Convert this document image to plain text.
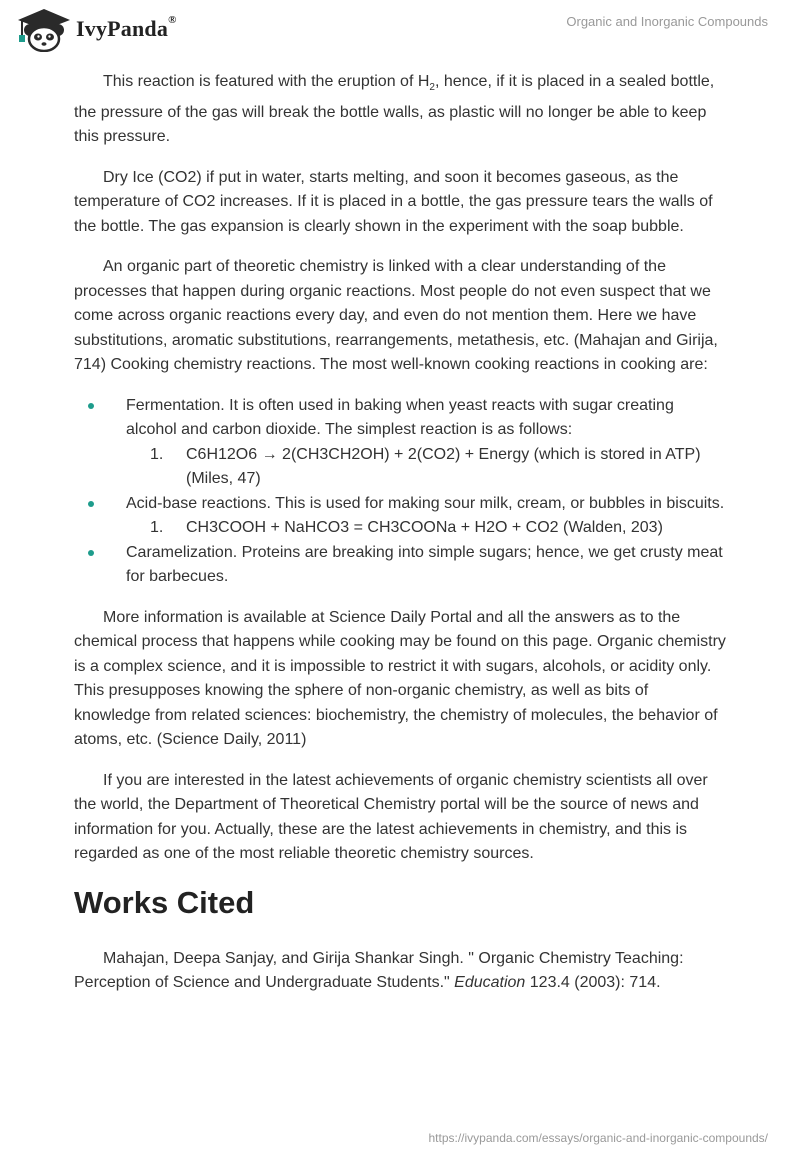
IvyPanda®	Organic and Inorganic Compounds

This reaction is featured with the eruption of $H_2$, hence, if it is placed in a sealed bottle, the pressure of the gas will break the bottle walls, as plastic will no longer be able to keep this pressure.

Dry Ice (CO2) if put in water, starts melting, and soon it becomes gaseous, as the temperature of CO2 increases. If it is placed in a bottle, the gas pressure tears the walls of the bottle. The gas expansion is clearly shown in the experiment with the soap bubble.

An organic part of theoretic chemistry is linked with a clear understanding of the processes that happen during organic reactions. Most people do not even suspect that we come across organic reactions every day, and even do not mention them. Here we have substitutions, aromatic substitutions, rearrangements, metathesis, etc. (Mahajan and Girija, 714) Cooking chemistry reactions. The most well-known cooking reactions in cooking are:

Fermentation. It is often used in baking when yeast reacts with sugar creating alcohol and carbon dioxide. The simplest reaction is as follows:
1. C6H12O6 → 2(CH3CH2OH) + 2(CO2) + Energy (which is stored in ATP) (Miles, 47)
Acid-base reactions. This is used for making sour milk, cream, or bubbles in biscuits.
1. CH3COOH + NaHCO3 = CH3COONa + H2O + CO2 (Walden, 203)
Caramelization. Proteins are breaking into simple sugars; hence, we get crusty meat for barbecues.

More information is available at Science Daily Portal and all the answers as to the chemical process that happens while cooking may be found on this page. Organic chemistry is a complex science, and it is impossible to restrict it with sugars, alcohols, or acidity only. This presupposes knowing the sphere of non-organic chemistry, as well as bits of knowledge from related sciences: biochemistry, the chemistry of molecules, the behavior of atoms, etc. (Science Daily, 2011)

If you are interested in the latest achievements of organic chemistry scientists all over the world, the Department of Theoretical Chemistry portal will be the source of news and information for you. Actually, these are the latest achievements in chemistry, and this is regarded as one of the most reliable theoretic chemistry sources.

Works Cited

Mahajan, Deepa Sanjay, and Girija Shankar Singh. " Organic Chemistry Teaching: Perception of Science and Undergraduate Students." Education 123.4 (2003): 714.

https://ivypanda.com/essays/organic-and-inorganic-compounds/
